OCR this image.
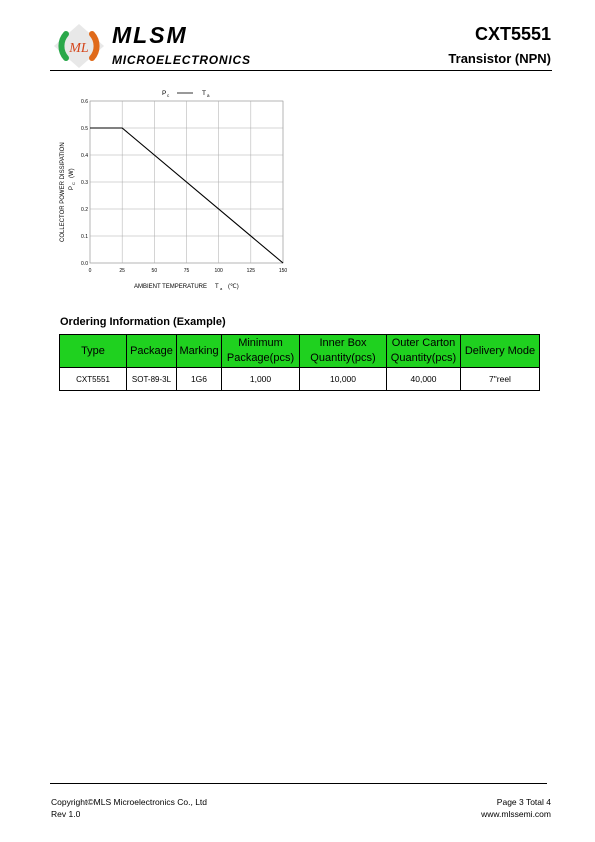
ML
MLSM
MICROELECTRONICS
CXT5551
Transistor (NPN)
0	25	50	75	100	125	150
0.0
0.1
0.2
0.3
0.4
0.5
0.6
P c	T a
COLLECTOR POWER DISSIPATION P
C
(W)
AMBIENT TEMPERATURE T a (℃)
Ordering Information (Example)
Type	Package	Marking	Minimum Package(pcs)	Inner Box Quantity(pcs)	Outer Carton Quantity(pcs)	Delivery Mode
CXT5551	SOT-89-3L	1G6	1,000	10,000	40,000	7"reel
Copyright©MLS Microelectronics Co., Ltd
Rev 1.0
Page 3 Total 4
www.mlssemi.com
